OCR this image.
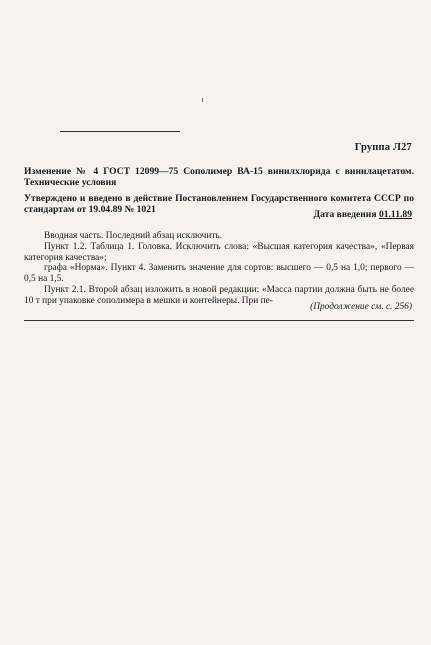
Группа Л27
Изменение № 4 ГОСТ 12099—75 Сополимер ВА-15 винилхлорида с винилацетатом. Технические условия
Утверждено и введено в действие Постановлением Государственного комитета СССР по стандартам от 19.04.89 № 1021	Дата введения 01.11.89

Вводная часть. Последний абзац исключить.

Пункт 1.2. Таблица 1. Головка. Исключить слова: «Высшая категория качества», «Первая категория качества»;

графа «Норма». Пункт 4. Заменить значение для сортов: высшего — 0,5 на 1,0; первого — 0,5 на 1,5.

Пункт 2.1. Второй абзац изложить в новой редакции: «Масса партии должна быть не более 10 т при упаковке сополимера в мешки и контейнеры. При пе-

(Продолжение см. с. 256)
